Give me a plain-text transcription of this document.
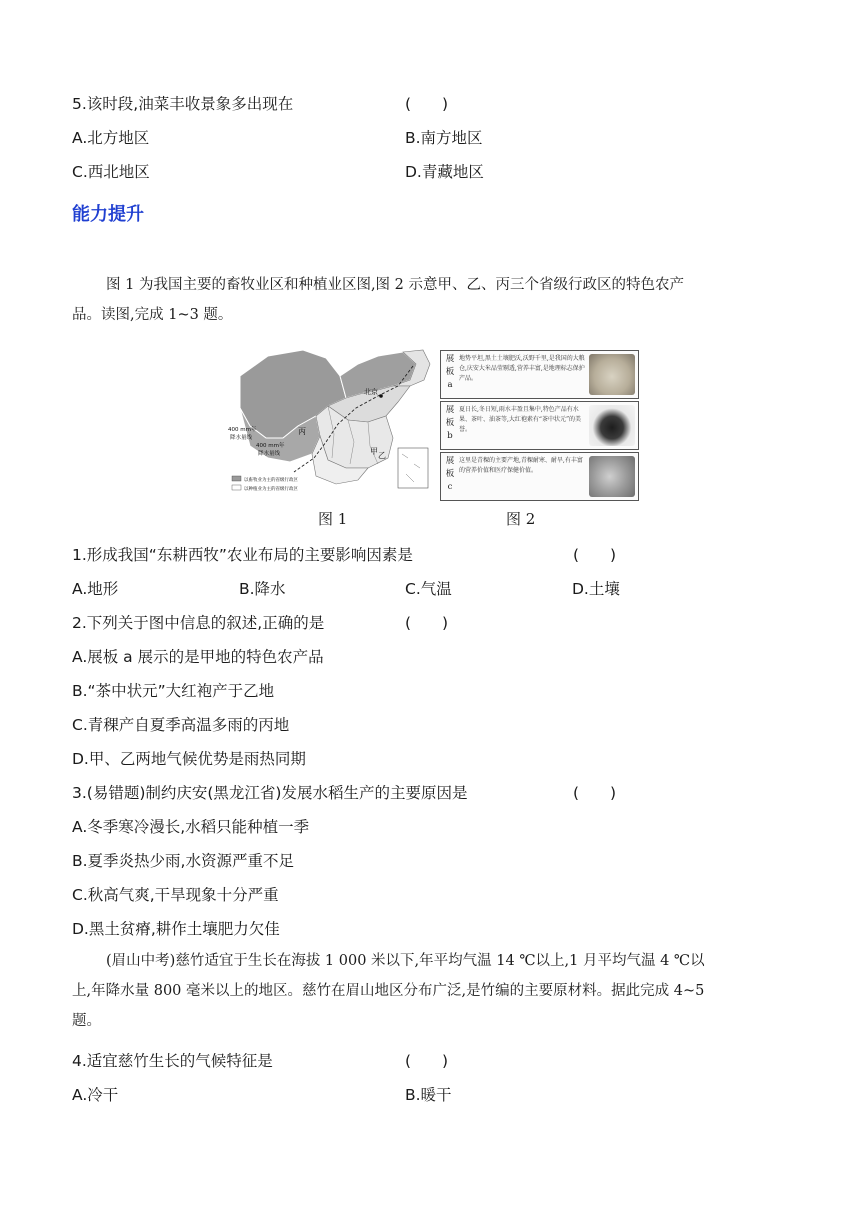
5.该时段,油菜丰收景象多出现在	(　　)
A.北方地区	B.南方地区
C.西北地区	D.青藏地区
能力提升
图 1 为我国主要的畜牧业区和种植业区图,图 2 示意甲、乙、丙三个省级行政区的特色农产
品。读图,完成 1~3 题。
北京
400 mm年
降水量线
400 mm年
降水量线
丙
乙
甲
以畜牧业为主的省级行政区
以种植业为主的省级行政区
展
板
a
地势平坦,黑土土壤肥沃,沃野千里,是我国的大粮仓,庆安大米品莹剔透,营养丰富,是地理标志保护产品。
展
板
b
夏日长,冬日短,雨水丰盈且集中,特色产品有水果、茶叶、油茶等,大红袍素有“茶中状元”的美誉。
展
板
c
这里是青稞的主要产地,青稞耐寒、耐旱,有丰富的营养价值和医疗保健价值。
图 1	图 2
1.形成我国“东耕西牧”农业布局的主要影响因素是	(　　)
A.地形	B.降水	C.气温	D.土壤
2.下列关于图中信息的叙述,正确的是	(　　)
A.展板 a 展示的是甲地的特色农产品
B.“茶中状元”大红袍产于乙地
C.青稞产自夏季高温多雨的丙地
D.甲、乙两地气候优势是雨热同期
3.(易错题)制约庆安(黑龙江省)发展水稻生产的主要原因是	(　　)
A.冬季寒冷漫长,水稻只能种植一季
B.夏季炎热少雨,水资源严重不足
C.秋高气爽,干旱现象十分严重
D.黑土贫瘠,耕作土壤肥力欠佳
(眉山中考)慈竹适宜于生长在海拔 1 000 米以下,年平均气温 14 ℃以上,1 月平均气温 4 ℃以
上,年降水量 800 毫米以上的地区。慈竹在眉山地区分布广泛,是竹编的主要原材料。据此完成 4~5
题。
4.适宜慈竹生长的气候特征是	(　　)
A.冷干	B.暖干
